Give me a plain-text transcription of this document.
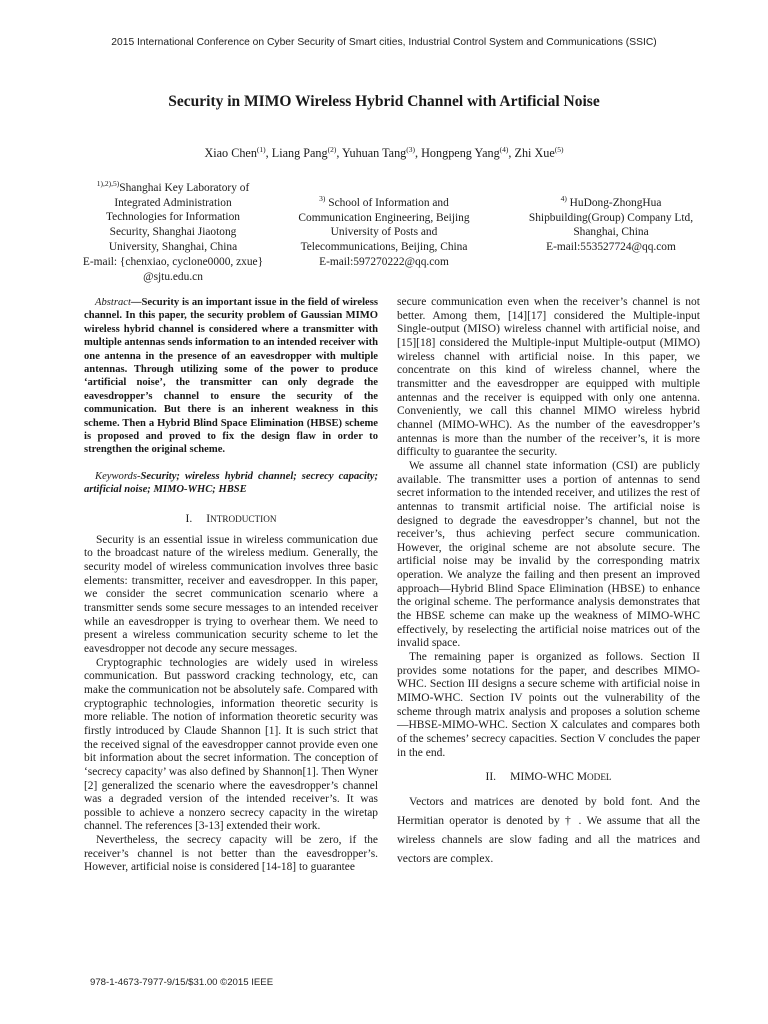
2015 International Conference on Cyber Security of Smart cities, Industrial Control System and Communications (SSIC)
Security in MIMO Wireless Hybrid Channel with Artificial Noise
Xiao Chen$^{(1)}$, Liang Pang$^{(2)}$, Yuhuan Tang$^{(3)}$, Hongpeng Yang$^{(4)}$, Zhi Xue$^{(5)}$
$^{1),2),5)}$Shanghai Key Laboratory of
Integrated Administration
Technologies for Information
Security, Shanghai Jiaotong
University, Shanghai, China
E-mail: {chenxiao, cyclone0000, zxue}
@sjtu.edu.cn
$^{3)}$ School of Information and
Communication Engineering, Beijing
University of Posts and
Telecommunications, Beijing, China
E-mail:597270222@qq.com
$^{4)}$ HuDong-ZhongHua
Shipbuilding(Group) Company Ltd,
Shanghai, China
E-mail:553527724@qq.com

Abstract—Security is an important issue in the field of wireless channel. In this paper, the security problem of Gaussian MIMO wireless hybrid channel is considered where a transmitter with multiple antennas sends information to an intended receiver with one antenna in the presence of an eavesdropper with multiple antennas. Through utilizing some of the power to produce ‘artificial noise’, the transmitter can only degrade the eavesdropper’s channel to ensure the security of the communication. But there is an inherent weakness in this scheme. Then a Hybrid Blind Space Elimination (HBSE) scheme is proposed and proved to fix the design flaw in order to strengthen the original scheme.

Keywords-Security; wireless hybrid channel; secrecy capacity; artificial noise; MIMO-WHC; HBSE

I. INTRODUCTION

Security is an essential issue in wireless communication due to the broadcast nature of the wireless medium. Generally, the security model of wireless communication involves three basic elements: transmitter, receiver and eavesdropper. In this paper, we consider the secret communication scenario where a transmitter sends some secure messages to an intended receiver while an eavesdropper is trying to overhear them. We need to present a wireless communication security scheme to let the eavesdropper not decode any secure messages.

Cryptographic technologies are widely used in wireless communication. But password cracking technology, etc, can make the communication not be absolutely safe. Compared with cryptographic technologies, information theoretic security is more reliable. The notion of information theoretic security was firstly introduced by Claude Shannon [1]. It is such strict that the received signal of the eavesdropper cannot provide even one bit information about the secret information. The conception of ‘secrecy capacity’ was also defined by Shannon[1]. Then Wyner [2] generalized the scenario where the eavesdropper’s channel was a degraded version of the intended receiver’s. It was possible to achieve a nonzero secrecy capacity in the wiretap channel. The references [3-13] extended their work.

Nevertheless, the secrecy capacity will be zero, if the receiver’s channel is not better than the eavesdropper’s. However, artificial noise is considered [14-18] to guarantee

secure communication even when the receiver’s channel is not better. Among them, [14][17] considered the Multiple-input Single-output (MISO) wireless channel with artificial noise, and [15][18] considered the Multiple-input Multiple-output (MIMO) wireless channel with artificial noise. In this paper, we concentrate on this kind of wireless channel, where the transmitter and the eavesdropper are equipped with multiple antennas and the receiver is equipped with only one antenna. Conveniently, we call this channel MIMO wireless hybrid channel (MIMO-WHC). As the number of the eavesdropper’s antennas is more than the number of the receiver’s, it is more difficulty to guarantee the security.

We assume all channel state information (CSI) are publicly available. The transmitter uses a portion of antennas to send secret information to the intended receiver, and utilizes the rest of antennas to transmit artificial noise. The artificial noise is designed to degrade the eavesdropper’s channel, but not the receiver’s, thus achieving perfect secure communication. However, the original scheme are not absolute secure. The artificial noise may be invalid by the corresponding matrix operation. We analyze the failing and then present an improved approach—Hybrid Blind Space Elimination (HBSE) to enhance the original scheme. The performance analysis demonstrates that the HBSE scheme can make up the weakness of MIMO-WHC effectively, by reselecting the artificial noise matrices out of the invalid space.

The remaining paper is organized as follows. Section II provides some notations for the paper, and describes MIMO-WHC. Section III designs a secure scheme with artificial noise in MIMO-WHC. Section IV points out the vulnerability of the scheme through matrix analysis and proposes a solution scheme—HBSE-MIMO-WHC. Section X calculates and compares both of the schemes’ secrecy capacities. Section V concludes the paper in the end.

II. MIMO-WHC MODEL

Vectors and matrices are denoted by bold font. And the Hermitian operator is denoted by † . We assume that all the wireless channels are slow fading and all the matrices and vectors are complex.

978-1-4673-7977-9/15/$31.00 ©2015 IEEE
